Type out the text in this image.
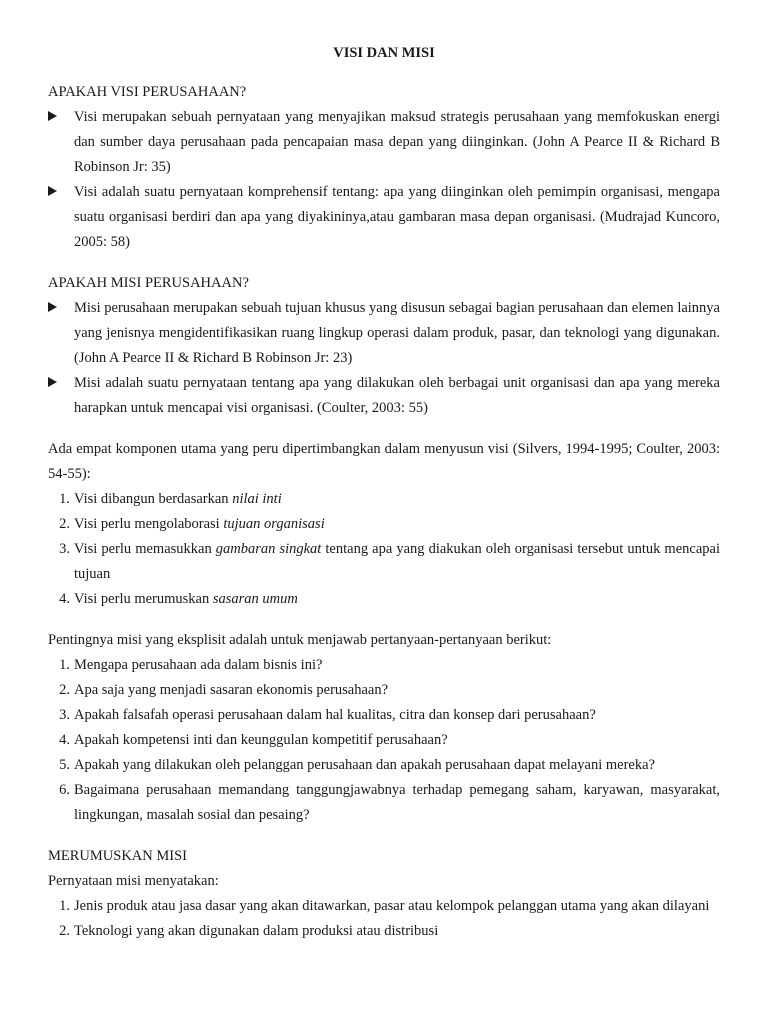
VISI DAN MISI
APAKAH VISI PERUSAHAAN?
Visi merupakan sebuah pernyataan yang menyajikan maksud strategis perusahaan yang memfokuskan energi dan sumber daya perusahaan pada pencapaian masa depan yang diinginkan. (John A Pearce II & Richard B Robinson Jr: 35)
Visi adalah suatu pernyataan komprehensif tentang: apa yang diinginkan oleh pemimpin organisasi, mengapa suatu organisasi berdiri dan apa yang diyakininya,atau gambaran masa depan organisasi. (Mudrajad Kuncoro, 2005: 58)
APAKAH MISI PERUSAHAAN?
Misi perusahaan merupakan sebuah tujuan khusus yang disusun sebagai bagian perusahaan dan elemen lainnya yang jenisnya mengidentifikasikan ruang lingkup operasi dalam produk, pasar, dan teknologi yang digunakan. (John A Pearce II & Richard B Robinson Jr: 23)
Misi adalah suatu pernyataan tentang apa yang dilakukan oleh berbagai unit organisasi dan apa yang mereka harapkan untuk mencapai visi organisasi. (Coulter, 2003: 55)

Ada empat komponen utama yang peru dipertimbangkan dalam menyusun visi (Silvers, 1994-1995; Coulter, 2003: 54-55):

1. Visi dibangun berdasarkan nilai inti
2. Visi perlu mengolaborasi tujuan organisasi
3. Visi perlu memasukkan gambaran singkat tentang apa yang diakukan oleh organisasi tersebut untuk mencapai tujuan
4. Visi perlu merumuskan sasaran umum

Pentingnya misi yang eksplisit adalah untuk menjawab pertanyaan-pertanyaan berikut:

1. Mengapa perusahaan ada dalam bisnis ini?
2. Apa saja yang menjadi sasaran ekonomis perusahaan?
3. Apakah falsafah operasi perusahaan dalam hal kualitas, citra dan konsep dari perusahaan?
4. Apakah kompetensi inti dan keunggulan kompetitif perusahaan?
5. Apakah yang dilakukan oleh pelanggan perusahaan dan apakah perusahaan dapat melayani mereka?
6. Bagaimana perusahaan memandang tanggungjawabnya terhadap pemegang saham, karyawan, masyarakat, lingkungan, masalah sosial dan pesaing?
MERUMUSKAN MISI

Pernyataan misi menyatakan:

1. Jenis produk atau jasa dasar yang akan ditawarkan, pasar atau kelompok pelanggan utama yang akan dilayani
2. Teknologi yang akan digunakan dalam produksi atau distribusi
